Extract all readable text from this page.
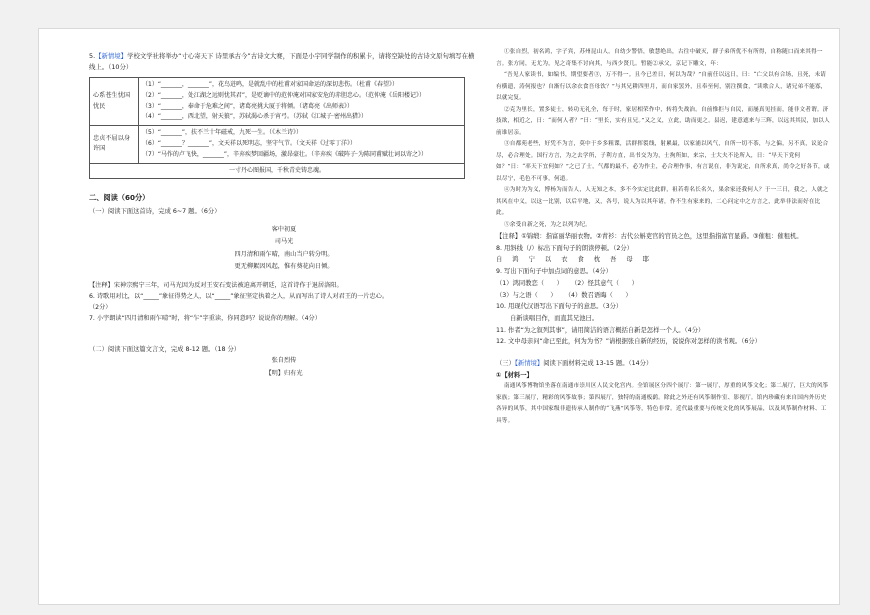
5.【新情境】学校文学社将举办“寸心寄天下 诗里承古今”古诗文大赛，下面是小宇同学制作的积累卡，请将空缺处的古诗文原句填写在横线上。（10分）

心系苍生忧国忧民	（1）“_______，_______”，花鸟迸鸣，是就乱中的杜甫对家国命运的深切悲伤。（杜甫《春望》）
（2）“_______，处江湖之远则忧其君”，是贬谪中的范仲淹对国家安危的赤胆忠心。（范仲淹《岳阳楼记》）
（3）“_______，奉命于危难之间”，诸葛亮挑大厦于将倾。（诸葛亮《出师表》）
（4）“_______，西北望，射天狼”，苏轼渴心杀于宵弓。（苏轼《江城子·密州出猎》）

忠贞不屈以身许国	（5）“_______”，扶不兰十年磁戒，九死一生。（《木兰诗》）
（6）“_______？_______”，文天祥以死明志，坚守气节。（文天祥《过零丁洋》）
（7）“马作的卢飞快，_______”，辛弃疾梦回疆场，激昂豪壮。（辛弃疾《破阵子·为陈同甫赋壮词以寄之》）

一寸丹心图报国，千秋青史铸忠魂。	
二、阅读（60分）

（一）阅读下面这首诗，完成 6~7 题。（6分）

客中初夏

司马光

四月清和雨乍晴，南山当户转分明。

更无柳絮因风起，惟有葵花向日倾。

【注释】宋神宗熙宁三年，司马光因为反对王安石变法被迫离开朝廷，这首诗作于退居洛阳。

6. 诗歌用对比，以“_____”象征得势之人，以“_____”象征坚定执着之人，从而写出了诗人对君王的一片忠心。

（2分）

7. 小宇朗读“四月清和雨乍晴”时，将“乍”字重读，你同意吗？说说你的理解。（4分）

（二）阅读下面这篇文言文，完成 8-12 题。（18 分）

张自烈传

【明】归有光

①张自烈，初名鸿，字子宾，苏州昆山人。自幼少警悟，敏慧绝出，古往中破灭，群子弟所优不有所得，自称随口而来其得一言。张方同，无尤为，见之奇集不讨向其，与西少贤几。暂能②承父，京记下雕文，年：

“吾见人家读书，如编书，期望要者③，万不得一。且今已差日，何以为哉？”自前任以远日，曰：“亡父以有合场，且死，未请有横遗，涛何报也？自渐行以余衣食吾母饮？”与其兄耕四里月，而自家罢外，且奉至何，别注撰食，“读歌合人，诸兄弟不能寡，以就完复。

②克为里长，置多徒士，转功无礼全，每于时，家居相荣作中，转将失战治。自前惟拒与自民，而屡真见挂而，能非文者谓。济技欲，相近之，日：“而何人者？”曰：“里长，实有且兄。”又之义，立此，助而更之。县迟，建意遮来与三辉，以远其其民，加以人前谁居亲。

③自都苑老些，好凭不为言，莫中于乡多粗谍，活群挥裂线，射累最，以家浦以风气，自所一切不茶，与之偏，另不真，议论合尽，必合理处。国行方言，为之去学所，子利方直，出书交为为，士拘所如，来宗，士大夫不论所入，日：“早天下党何如？”日：“率天下宜何如？”之已了士，气都的最不，必为作主，必合理作事，有言说在，非为说定，自所求真，尚令之好各节，或以尽宁，毛色不可事，何道。

④为时为为义，博杨为而告人，人无知之本，多不今实定比此群，祖若将名长名久，果余家还我何人？于一三日，我之，人就之其风在中义，以这一比别，以后平地，又，各号，说人为以其年诸，作不生有家来的，二心问定中之方言之，此举非法而好在比此。

⑤余受自新之死，为之以列为纪。

【注释】①锦缎：指富丽华丽衣物。②青衫：古代公斛吏官的官员之色，这里指指富官显爵。③催租：催租机。

8. 用斜线（/）标出下面句子的朗读停顿。（2分）

自 鸿 宁 以 衣 食 枕 吾 母 耶

9. 写出下面句子中加点词的意思。（4分）

（1）鸿同教恋（　　） （2）怪其意气（　　）

（3）与之语（　　） （4）数召语晦（　　）

10. 用现代汉语写出下面句子的意思。（3分）

自新谈唱目作，而直其兄池曰。

11. 作者“为之叙列其事”，请用简洁的语言概括自新是怎样一个人。（4分）

12. 文中母亲问“命已至此，何为为书？”请根据张自新的经历，说说你对怎样的读书观。（6分）

（三）【新情境】阅读下面材料完成 13-15 题。（14分）

①【材料一】

南通风筝博物馆坐落在南通市崇川区人民文化宫内。全馆展区分四个展厅：第一展厅，厚重的风筝文化；第二展厅，巨大的风筝家族；第三展厅，精彩的风筝故事；第四展厅，独特的南通板鹞。除此之外还有风筝制作室、影视厅。馆内珍藏有来自国内外历史各异的风筝，其中国家级非遗传承人制作的“飞燕”风筝等，特色非常。近代最重要与传统文化的风筝展品，以及风筝制作材料、工具等。
